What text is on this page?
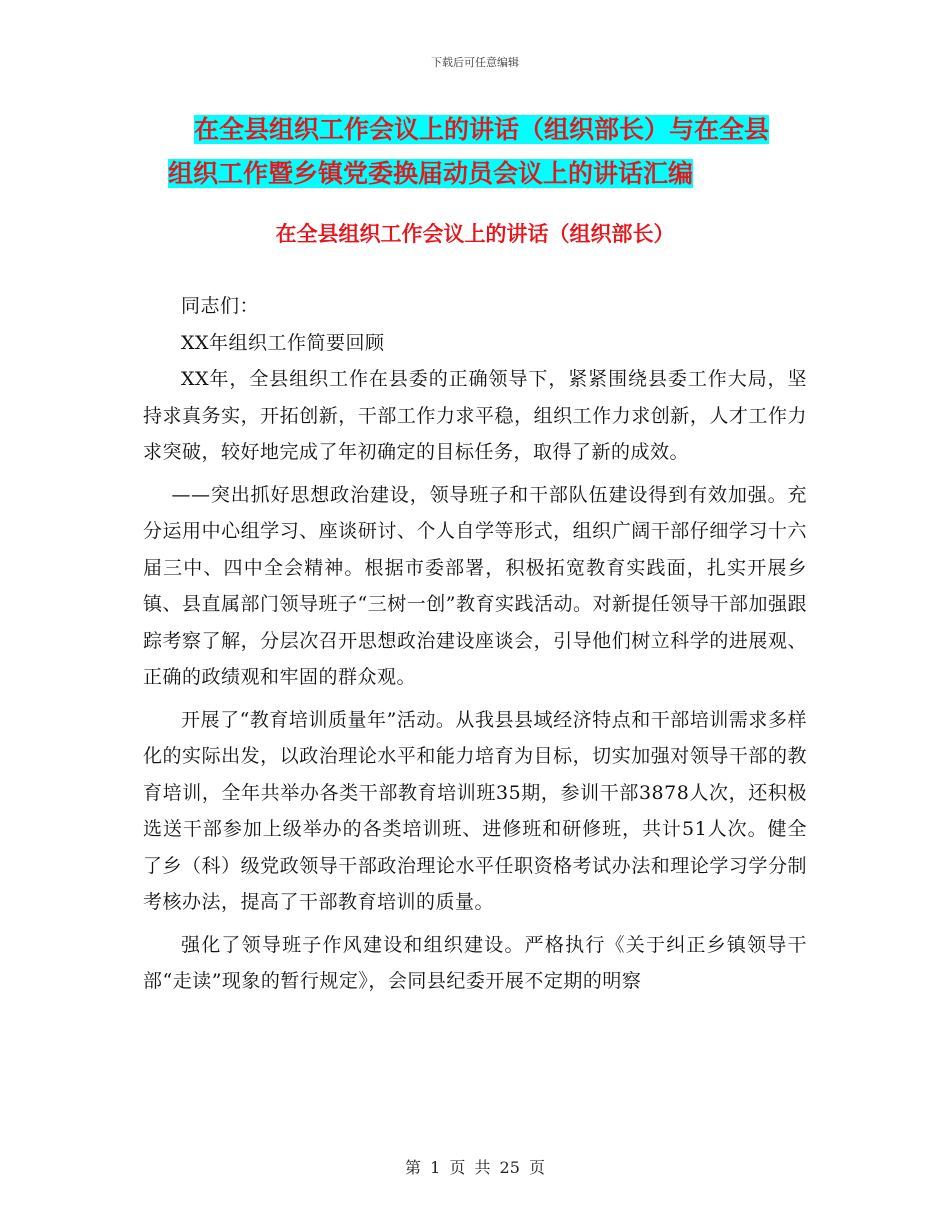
下载后可任意编辑
在全县组织工作会议上的讲话（组织部长）与在全县
组织工作暨乡镇党委换届动员会议上的讲话汇编
在全县组织工作会议上的讲话（组织部长）

同志们：

XX年组织工作简要回顾

XX年，全县组织工作在县委的正确领导下，紧紧围绕县委工作大局，坚持求真务实，开拓创新，干部工作力求平稳，组织工作力求创新，人才工作力求突破，较好地完成了年初确定的目标任务，取得了新的成效。

——突出抓好思想政治建设，领导班子和干部队伍建设得到有效加强。充分运用中心组学习、座谈研讨、个人自学等形式，组织广阔干部仔细学习十六届三中、四中全会精神。根据市委部署，积极拓宽教育实践面，扎实开展乡镇、县直属部门领导班子“三树一创”教育实践活动。对新提任领导干部加强跟踪考察了解，分层次召开思想政治建设座谈会，引导他们树立科学的进展观、正确的政绩观和牢固的群众观。

开展了“教育培训质量年”活动。从我县县域经济特点和干部培训需求多样化的实际出发，以政治理论水平和能力培育为目标，切实加强对领导干部的教育培训，全年共举办各类干部教育培训班35期，参训干部3878人次，还积极选送干部参加上级举办的各类培训班、进修班和研修班，共计51人次。健全了乡（科）级党政领导干部政治理论水平任职资格考试办法和理论学习学分制考核办法，提高了干部教育培训的质量。

强化了领导班子作风建设和组织建设。严格执行《关于纠正乡镇领导干部“走读”现象的暂行规定》，会同县纪委开展不定期的明察

第 1 页 共 25 页
